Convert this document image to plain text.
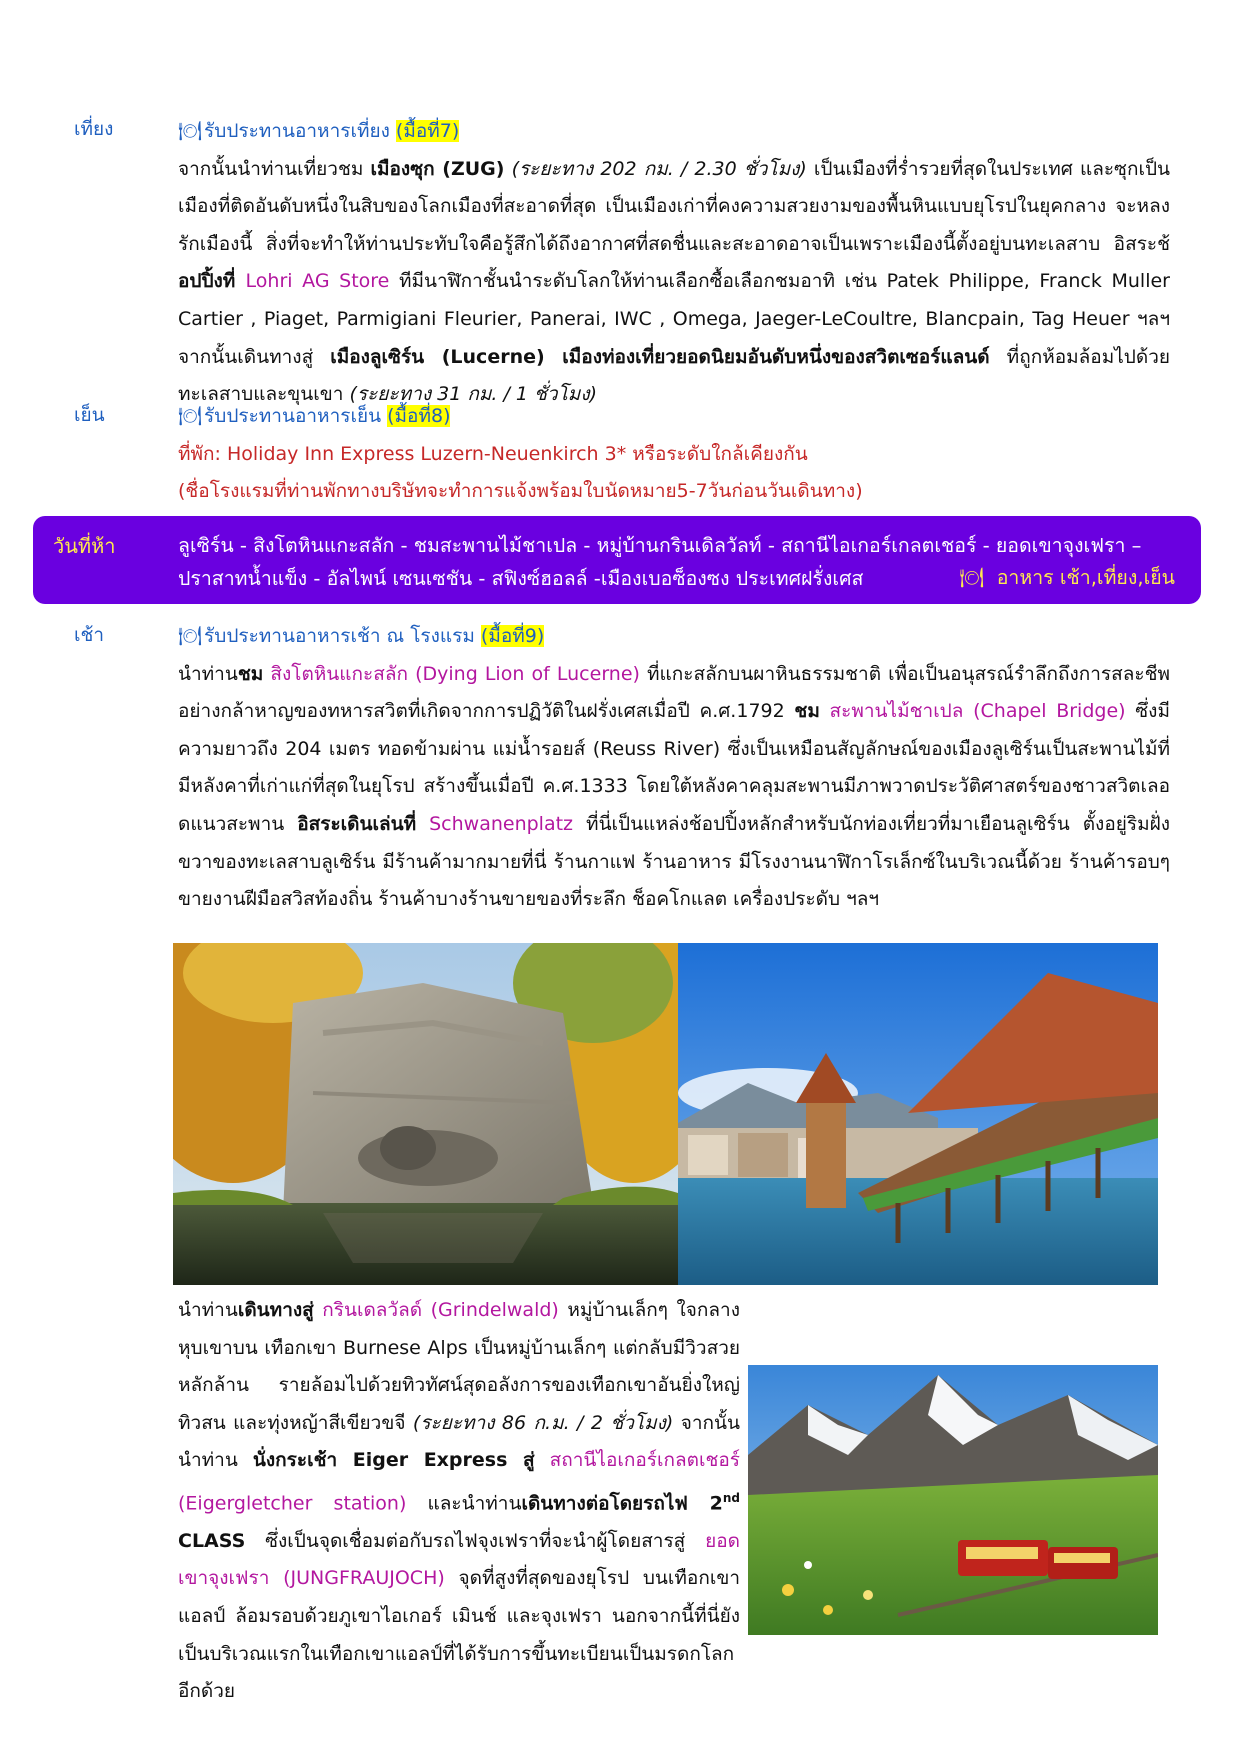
เที่ยง	🍽 รับประทานอาหารเที่ยง (มื้อที่7)

จากนั้นนำท่านเที่ยวชม เมืองซุก (ZUG) (ระยะทาง 202 กม. / 2.30 ชั่วโมง) เป็นเมืองที่ร่ำรวยที่สุดในประเทศ และซุกเป็นเมืองที่ติดอันดับหนึ่งในสิบของโลกเมืองที่สะอาดที่สุด เป็นเมืองเก่าที่คงความสวยงามของพื้นหินแบบยุโรปในยุคกลาง จะหลงรักเมืองนี้ สิ่งที่จะทำให้ท่านประทับใจคือรู้สึกได้ถึงอากาศที่สดชื่นและสะอาดอาจเป็นเพราะเมืองนี้ตั้งอยู่บนทะเลสาบ อิสระช้ อปปิ้งที่ Lohri AG Store ทีมีนาฬิกาชั้นนำระดับโลกให้ท่านเลือกซื้อเลือกชมอาทิ เช่น Patek Philippe, Franck Muller Cartier , Piaget, Parmigiani Fleurier, Panerai, IWC , Omega, Jaeger-LeCoultre, Blancpain, Tag Heuer ฯลฯ จากนั้นเดินทางสู่ เมืองลูเซิร์น (Lucerne) เมืองท่องเที่ยวยอดนิยมอันดับหนึ่งของสวิตเซอร์แลนด์ ที่ถูกห้อมล้อมไปด้วยทะเลสาบและขุนเขา (ระยะทาง 31 กม. / 1 ชั่วโมง)

เย็น	🍽 รับประทานอาหารเย็น (มื้อที่8)
ที่พัก: Holiday Inn Express Luzern-Neuenkirch 3* หรือระดับใกล้เคียงกัน
(ชื่อโรงแรมที่ท่านพักทางบริษัทจะทำการแจ้งพร้อมใบนัดหมาย5-7วันก่อนวันเดินทาง)
วันที่ห้า	ลูเซิร์น - สิงโตหินแกะสลัก - ชมสะพานไม้ชาเปล - หมู่บ้านกรินเดิลวัลท์ - สถานีไอเกอร์เกลตเชอร์ - ยอดเขาจุงเฟรา – ปราสาทน้ำแข็ง - อัลไพน์ เซนเซชัน - สฟิงซ์ฮอลล์ -เมืองเบอซ็องซง ประเทศฝรั่งเศส	🍽 อาหาร เช้า,เที่ยง,เย็น
เช้า	🍽 รับประทานอาหารเช้า ณ โรงแรม (มื้อที่9)

นำท่านชม สิงโตหินแกะสลัก (Dying Lion of Lucerne) ที่แกะสลักบนผาหินธรรมชาติ เพื่อเป็นอนุสรณ์รำลึกถึงการสละชีพอย่างกล้าหาญของทหารสวิตที่เกิดจากการปฏิวัติในฝรั่งเศสเมื่อปี ค.ศ.1792 ชม สะพานไม้ชาเปล (Chapel Bridge) ซึ่งมีความยาวถึง 204 เมตร ทอดข้ามผ่าน แม่น้ำรอยส์ (Reuss River) ซึ่งเป็นเหมือนสัญลักษณ์ของเมืองลูเซิร์นเป็นสะพานไม้ที่มีหลังคาที่เก่าแก่ที่สุดในยุโรป สร้างขึ้นเมื่อปี ค.ศ.1333 โดยใต้หลังคาคลุมสะพานมีภาพวาดประวัติศาสตร์ของชาวสวิตเลอดแนวสะพาน อิสระเดินเล่นที่ Schwanenplatz ที่นี่เป็นแหล่งช้อปปิ้งหลักสำหรับนักท่องเที่ยวที่มาเยือนลูเซิร์น ตั้งอยู่ริมฝั่งขวาของทะเลสาบลูเซิร์น มีร้านค้ามากมายที่นี่ ร้านกาแฟ ร้านอาหาร มีโรงงานนาฬิกาโรเล็กซ์ในบริเวณนี้ด้วย ร้านค้ารอบๆขายงานฝีมือสวิสท้องถิ่น ร้านค้าบางร้านขายของที่ระลึก ช็อคโกแลต เครื่องประดับ ฯลฯ

นำท่านเดินทางสู่ กรินเดลวัลด์ (Grindelwald) หมู่บ้านเล็กๆ ใจกลางหุบเขาบน เทือกเขา Burnese Alps เป็นหมู่บ้านเล็กๆ แต่กลับมีวิวสวยหลักล้าน รายล้อมไปด้วยทิวทัศน์สุดอลังการของเทือกเขาอันยิ่งใหญ่ ทิวสน และทุ่งหญ้าสีเขียวขจี (ระยะทาง 86 ก.ม. / 2 ชั่วโมง) จากนั้นนำท่าน นั่งกระเช้า Eiger Express สู่ สถานีไอเกอร์เกลตเชอร์ (Eigergletcher station) และนำท่านเดินทางต่อโดยรถไฟ 2nd CLASS ซึ่งเป็นจุดเชื่อมต่อกับรถไฟจุงเฟราที่จะนำผู้โดยสารสู่ ยอดเขาจุงเฟรา (JUNGFRAUJOCH) จุดที่สูงที่สุดของยุโรป บนเทือกเขาแอลป์ ล้อมรอบด้วยภูเขาไอเกอร์ เมินช์ และจุงเฟรา นอกจากนี้ที่นี่ยังเป็นบริเวณแรกในเทือกเขาแอลป์ที่ได้รับการขึ้นทะเบียนเป็นมรดกโลกอีกด้วย
